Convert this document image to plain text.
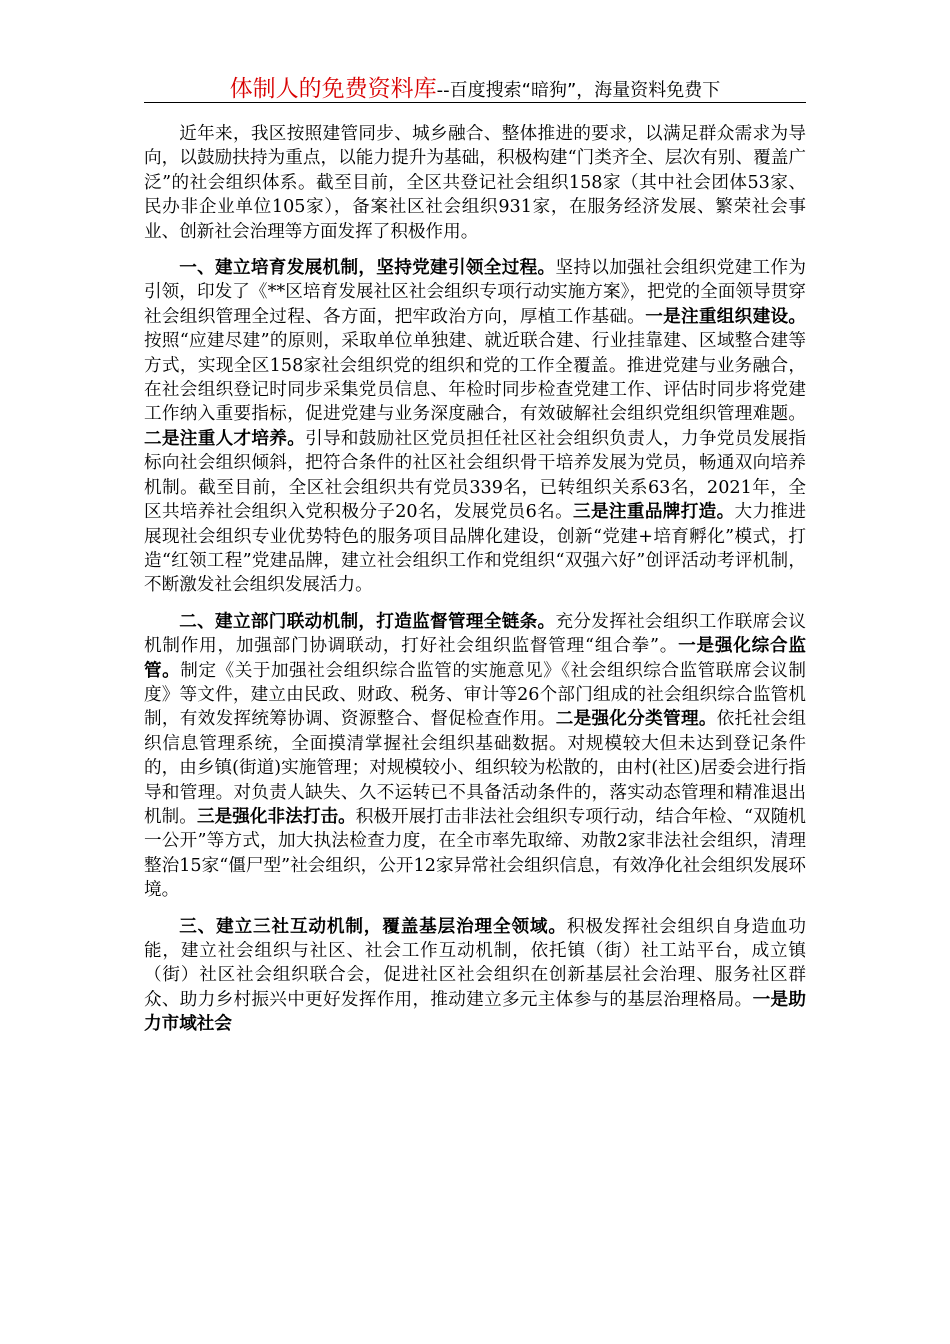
体制人的免费资料库--百度搜索“暗狗”，海量资料免费下

近年来，我区按照建管同步、城乡融合、整体推进的要求，以满足群众需求为导向，以鼓励扶持为重点，以能力提升为基础，积极构建“门类齐全、层次有别、覆盖广泛”的社会组织体系。截至目前，全区共登记社会组织158家（其中社会团体53家、民办非企业单位105家），备案社区社会组织931家，在服务经济发展、繁荣社会事业、创新社会治理等方面发挥了积极作用。

一、建立培育发展机制，坚持党建引领全过程。坚持以加强社会组织党建工作为引领，印发了《**区培育发展社区社会组织专项行动实施方案》，把党的全面领导贯穿社会组织管理全过程、各方面，把牢政治方向，厚植工作基础。一是注重组织建设。按照“应建尽建”的原则，采取单位单独建、就近联合建、行业挂靠建、区域整合建等方式，实现全区158家社会组织党的组织和党的工作全覆盖。推进党建与业务融合，在社会组织登记时同步采集党员信息、年检时同步检查党建工作、评估时同步将党建工作纳入重要指标，促进党建与业务深度融合，有效破解社会组织党组织管理难题。二是注重人才培养。引导和鼓励社区党员担任社区社会组织负责人，力争党员发展指标向社会组织倾斜，把符合条件的社区社会组织骨干培养发展为党员，畅通双向培养机制。截至目前，全区社会组织共有党员339名，已转组织关系63名，2021年，全区共培养社会组织入党积极分子20名，发展党员6名。三是注重品牌打造。大力推进展现社会组织专业优势特色的服务项目品牌化建设，创新“党建+培育孵化”模式，打造“红领工程”党建品牌，建立社会组织工作和党组织“双强六好”创评活动考评机制，不断激发社会组织发展活力。

二、建立部门联动机制，打造监督管理全链条。充分发挥社会组织工作联席会议机制作用，加强部门协调联动，打好社会组织监督管理“组合拳”。一是强化综合监管。制定《关于加强社会组织综合监管的实施意见》《社会组织综合监管联席会议制度》等文件，建立由民政、财政、税务、审计等26个部门组成的社会组织综合监管机制，有效发挥统筹协调、资源整合、督促检查作用。二是强化分类管理。依托社会组织信息管理系统，全面摸清掌握社会组织基础数据。对规模较大但未达到登记条件的，由乡镇(街道)实施管理；对规模较小、组织较为松散的，由村(社区)居委会进行指导和管理。对负责人缺失、久不运转已不具备活动条件的，落实动态管理和精准退出机制。三是强化非法打击。积极开展打击非法社会组织专项行动，结合年检、“双随机一公开”等方式，加大执法检查力度，在全市率先取缔、劝散2家非法社会组织，清理整治15家“僵尸型”社会组织，公开12家异常社会组织信息，有效净化社会组织发展环境。

三、建立三社互动机制，覆盖基层治理全领域。积极发挥社会组织自身造血功能，建立社会组织与社区、社会工作互动机制，依托镇（街）社工站平台，成立镇（街）社区社会组织联合会，促进社区社会组织在创新基层社会治理、服务社区群众、助力乡村振兴中更好发挥作用，推动建立多元主体参与的基层治理格局。一是助力市域社会
